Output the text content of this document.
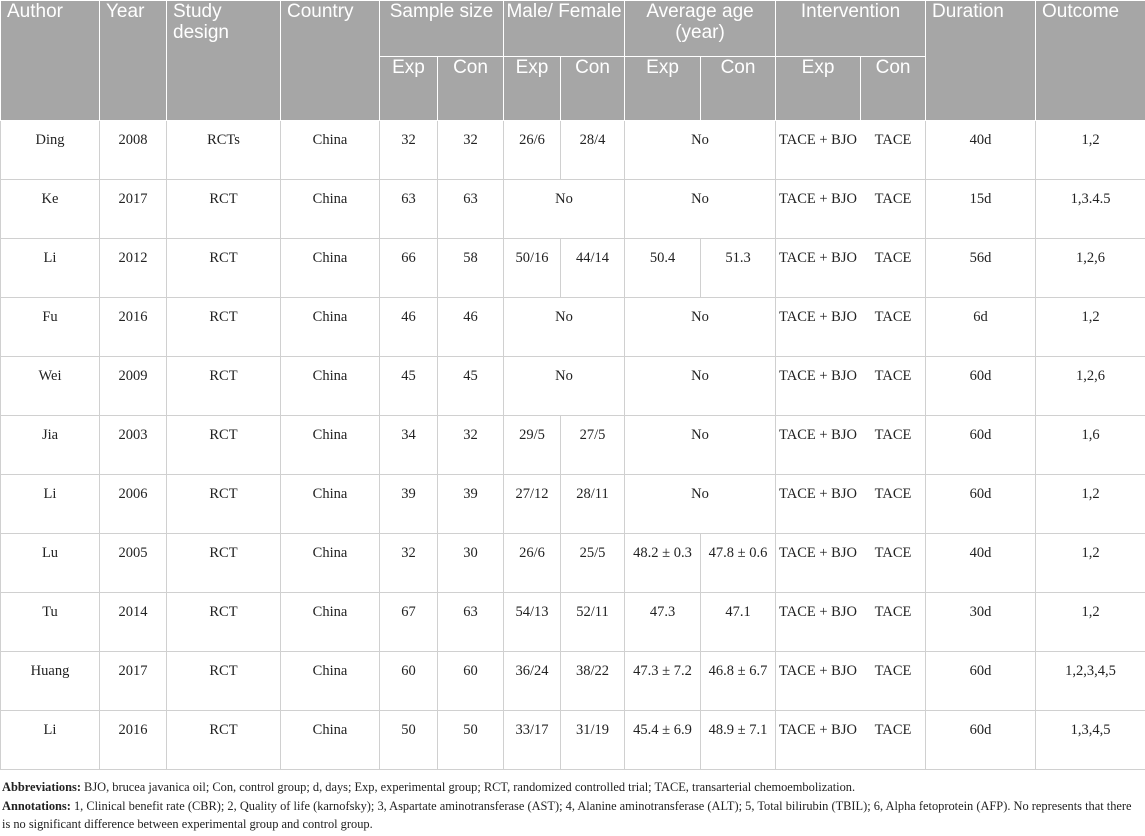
Author	Year	Study design	Country	Sample size		Male/ Female		Average age (year)		Intervention		Duration	Outcome
				Exp	Con	Exp	Con	Exp	Con	Exp	Con		
Ding	2008	RCTs	China	32	32	26/6	28/4	No		TACE + BJO	TACE	40d	1,2
Ke	2017	RCT	China	63	63	No		No		TACE + BJO	TACE	15d	1,3.4.5
Li	2012	RCT	China	66	58	50/16	44/14	50.4	51.3	TACE + BJO	TACE	56d	1,2,6
Fu	2016	RCT	China	46	46	No		No		TACE + BJO	TACE	6d	1,2
Wei	2009	RCT	China	45	45	No		No		TACE + BJO	TACE	60d	1,2,6
Jia	2003	RCT	China	34	32	29/5	27/5	No		TACE + BJO	TACE	60d	1,6
Li	2006	RCT	China	39	39	27/12	28/11	No		TACE + BJO	TACE	60d	1,2
Lu	2005	RCT	China	32	30	26/6	25/5	48.2 ± 0.3	47.8 ± 0.6	TACE + BJO	TACE	40d	1,2
Tu	2014	RCT	China	67	63	54/13	52/11	47.3	47.1	TACE + BJO	TACE	30d	1,2
Huang	2017	RCT	China	60	60	36/24	38/22	47.3 ± 7.2	46.8 ± 6.7	TACE + BJO	TACE	60d	1,2,3,4,5
Li	2016	RCT	China	50	50	33/17	31/19	45.4 ± 6.9	48.9 ± 7.1	TACE + BJO	TACE	60d	1,3,4,5
Abbreviations: BJO, brucea javanica oil; Con, control group; d, days; Exp, experimental group; RCT, randomized controlled trial; TACE, transarterial chemoembolization.
Annotations: 1, Clinical benefit rate (CBR); 2, Quality of life (karnofsky); 3, Aspartate aminotransferase (AST); 4, Alanine aminotransferase (ALT); 5, Total bilirubin (TBIL); 6, Alpha fetoprotein (AFP). No represents that there is no significant difference between experimental group and control group.
